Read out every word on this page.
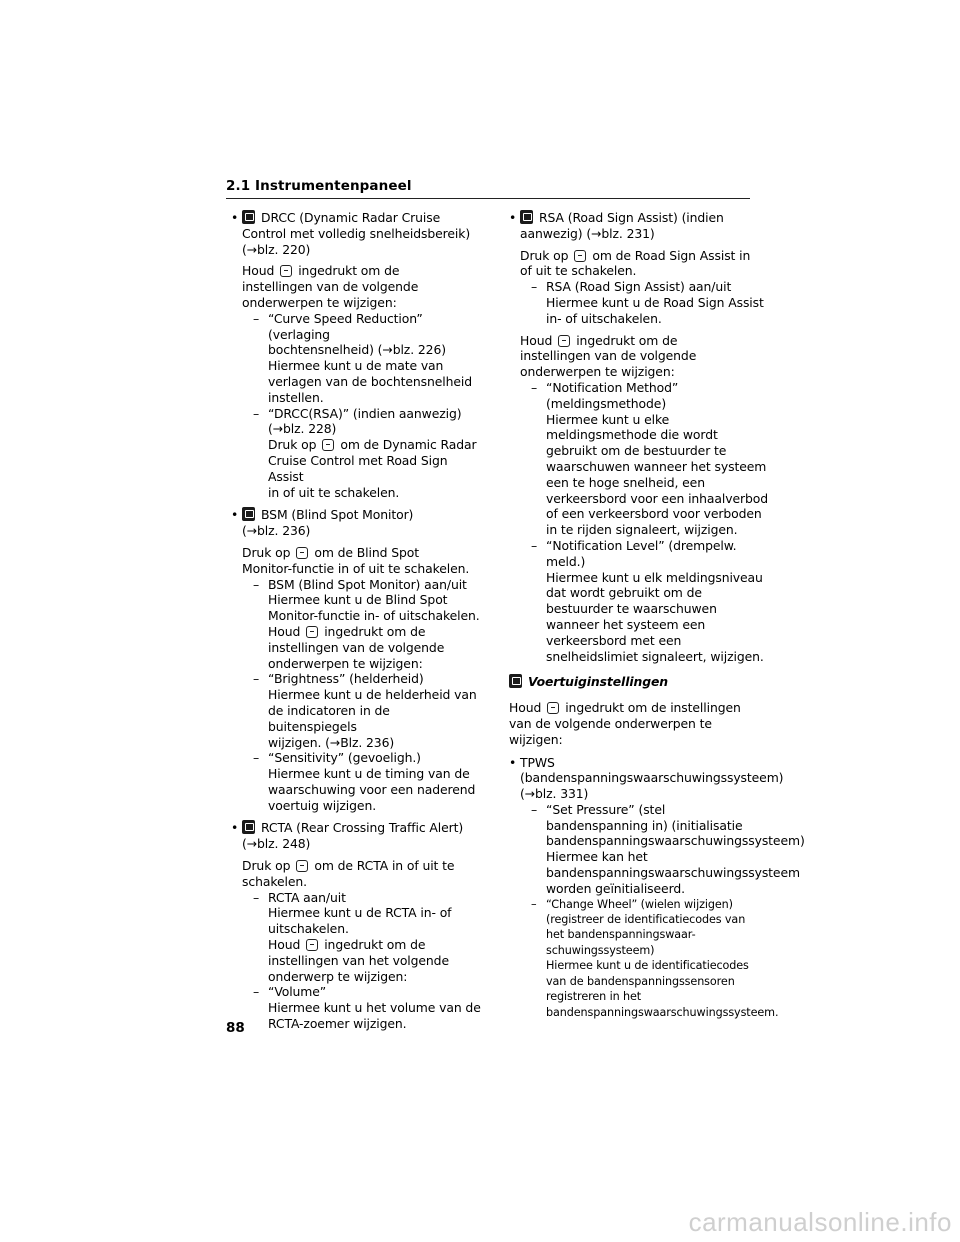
2.1 Instrumentenpaneel
•	DRCC (Dynamic Radar Cruise
Control met volledig snelheidsbereik)
(→blz. 220)
Houd ingedrukt om de
instellingen van de volgende
onderwerpen te wijzigen:
– “Curve Speed Reduction” (verlaging
bochtensnelheid) (→blz. 226)
Hiermee kunt u de mate van
verlagen van de bochtensnelheid
instellen.
– “DRCC(RSA)” (indien aanwezig)
(→blz. 228)
Druk op om de Dynamic Radar
Cruise Control met Road Sign Assist
in of uit te schakelen.
•	BSM (Blind Spot Monitor)
(→blz. 236)
Druk op om de Blind Spot
Monitor-functie in of uit te schakelen.
– BSM (Blind Spot Monitor) aan/uit
Hiermee kunt u de Blind Spot
Monitor-functie in- of uitschakelen.
Houd ingedrukt om de
instellingen van de volgende
onderwerpen te wijzigen:
– “Brightness” (helderheid)
Hiermee kunt u de helderheid van
de indicatoren in de buitenspiegels
wijzigen. (→Blz. 236)
– “Sensitivity” (gevoeligh.)
Hiermee kunt u de timing van de
waarschuwing voor een naderend
voertuig wijzigen.
•	RCTA (Rear Crossing Traffic Alert)
(→blz. 248)
Druk op om de RCTA in of uit te
schakelen.
– RCTA aan/uit
Hiermee kunt u de RCTA in- of
uitschakelen.
Houd ingedrukt om de
instellingen van het volgende
onderwerp te wijzigen:
– “Volume”
Hiermee kunt u het volume van de
RCTA-zoemer wijzigen.
•	RSA (Road Sign Assist) (indien
aanwezig) (→blz. 231)
Druk op om de Road Sign Assist in
of uit te schakelen.
– RSA (Road Sign Assist) aan/uit
Hiermee kunt u de Road Sign Assist
in- of uitschakelen.
Houd ingedrukt om de
instellingen van de volgende
onderwerpen te wijzigen:
– “Notification Method”
(meldingsmethode)
Hiermee kunt u elke
meldingsmethode die wordt
gebruikt om de bestuurder te
waarschuwen wanneer het systeem
een te hoge snelheid, een
verkeersbord voor een inhaalverbod
of een verkeersbord voor verboden
in te rijden signaleert, wijzigen.
– “Notification Level” (drempelw.
meld.)
Hiermee kunt u elk meldingsniveau
dat wordt gebruikt om de
bestuurder te waarschuwen
wanneer het systeem een
verkeersbord met een
snelheidslimiet signaleert, wijzigen.
Voertuiginstellingen
Houd ingedrukt om de instellingen
van de volgende onderwerpen te
wijzigen:
• TPWS
(bandenspanningswaarschuwingssysteem)
(→blz. 331)
– “Set Pressure” (stel
bandenspanning in) (initialisatie
bandenspanningswaarschuwingssysteem)
Hiermee kan het
bandenspanningswaarschuwingssysteem
worden geïnitialiseerd.
– “Change Wheel” (wielen wijzigen)
(registreer de identificatiecodes van
het bandenspanningswaar-
schuwingssysteem)
Hiermee kunt u de identificatiecodes
van de bandenspanningssensoren
registreren in het
bandenspanningswaarschuwingssysteem.
88
carmanualsonline.info
